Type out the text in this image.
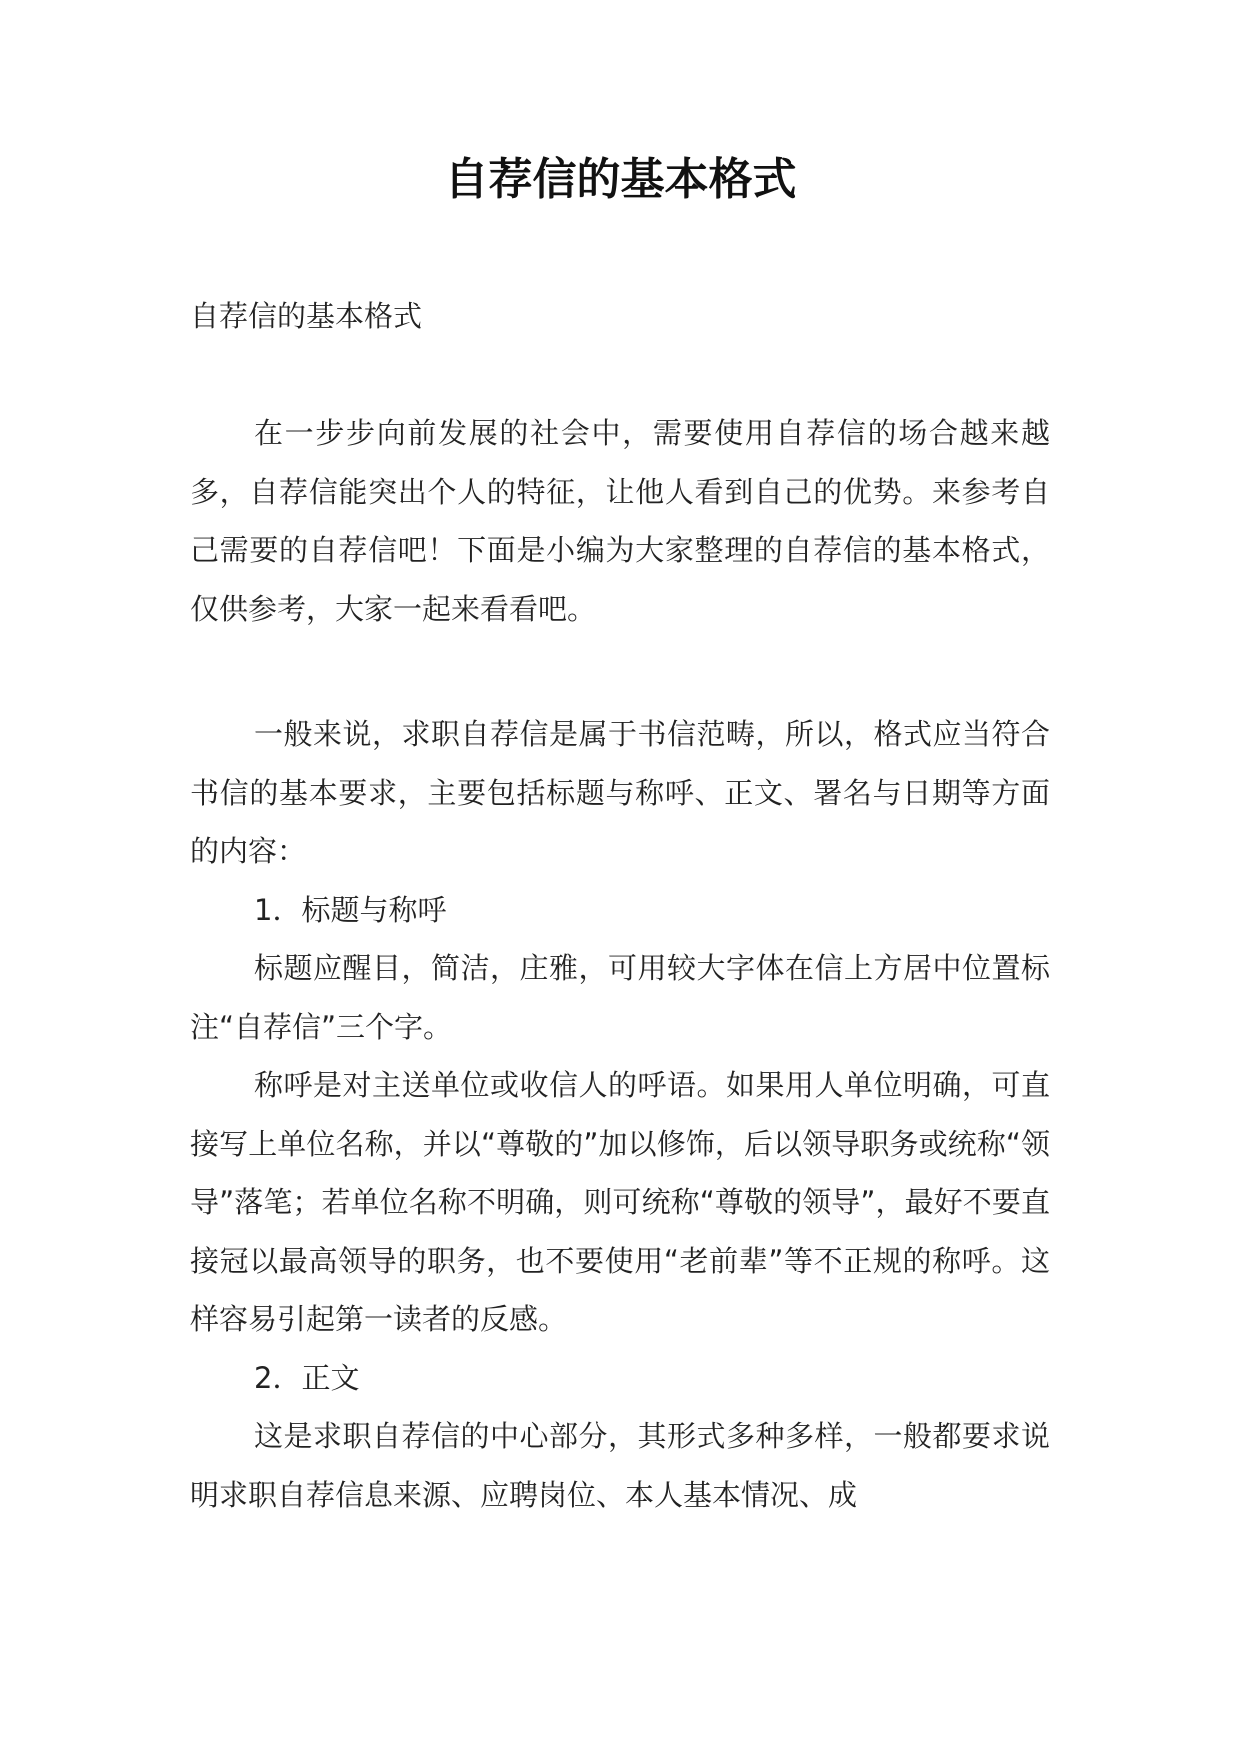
自荐信的基本格式

自荐信的基本格式

在一步步向前发展的社会中，需要使用自荐信的场合越来越多，自荐信能突出个人的特征，让他人看到自己的优势。来参考自己需要的自荐信吧！下面是小编为大家整理的自荐信的基本格式，仅供参考，大家一起来看看吧。

一般来说，求职自荐信是属于书信范畴，所以，格式应当符合书信的基本要求，主要包括标题与称呼、正文、署名与日期等方面的内容：

1．标题与称呼

标题应醒目，简洁，庄雅，可用较大字体在信上方居中位置标注“自荐信”三个字。

称呼是对主送单位或收信人的呼语。如果用人单位明确，可直接写上单位名称，并以“尊敬的”加以修饰，后以领导职务或统称“领导”落笔；若单位名称不明确，则可统称“尊敬的领导”，最好不要直接冠以最高领导的职务，也不要使用“老前辈”等不正规的称呼。这样容易引起第一读者的反感。

2．正文

这是求职自荐信的中心部分，其形式多种多样，一般都要求说明求职自荐信息来源、应聘岗位、本人基本情况、成
